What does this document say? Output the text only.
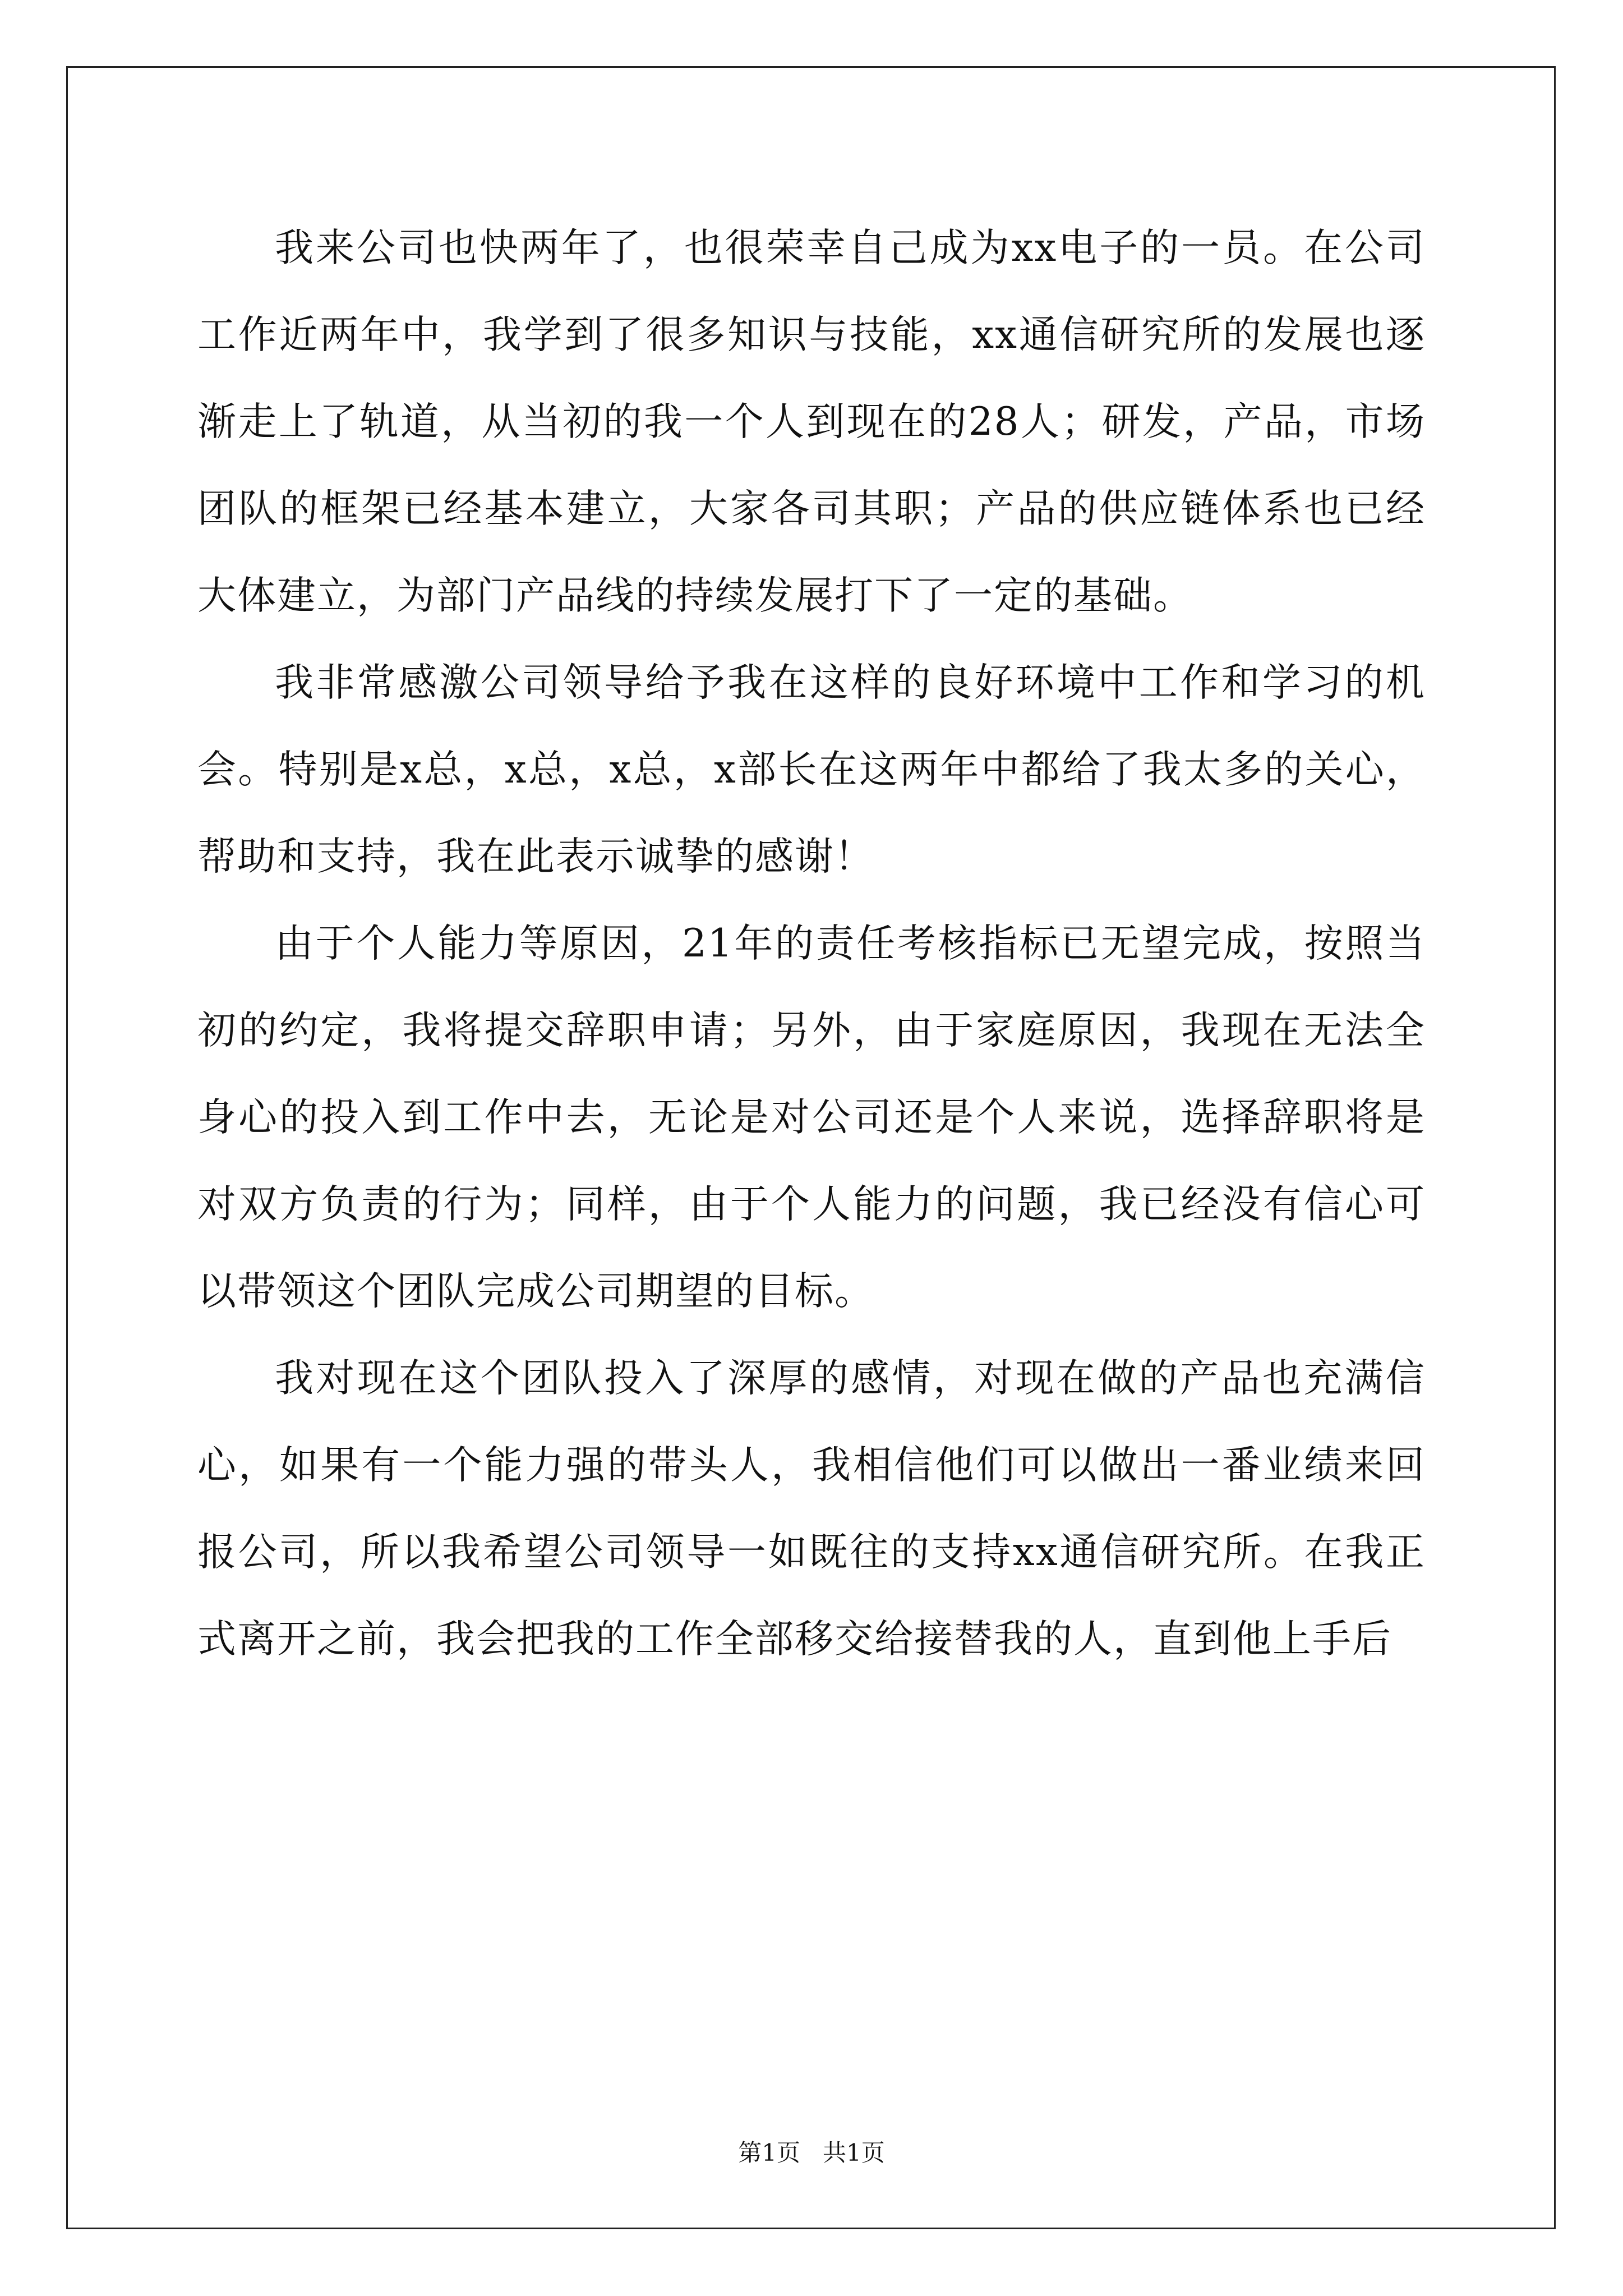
我来公司也快两年了，也很荣幸自己成为xx电子的一员。在公司工作近两年中，我学到了很多知识与技能，xx通信研究所的发展也逐渐走上了轨道，从当初的我一个人到现在的28人；研发，产品，市场团队的框架已经基本建立，大家各司其职；产品的供应链体系也已经大体建立，为部门产品线的持续发展打下了一定的基础。

我非常感激公司领导给予我在这样的良好环境中工作和学习的机会。特别是x总，x总，x总，x部长在这两年中都给了我太多的关心，帮助和支持，我在此表示诚挚的感谢！

由于个人能力等原因，21年的责任考核指标已无望完成，按照当初的约定，我将提交辞职申请；另外，由于家庭原因，我现在无法全身心的投入到工作中去，无论是对公司还是个人来说，选择辞职将是对双方负责的行为；同样，由于个人能力的问题，我已经没有信心可以带领这个团队完成公司期望的目标。

我对现在这个团队投入了深厚的感情，对现在做的产品也充满信心，如果有一个能力强的带头人，我相信他们可以做出一番业绩来回报公司，所以我希望公司领导一如既往的支持xx通信研究所。在我正式离开之前，我会把我的工作全部移交给接替我的人，直到他上手后

第1页 共1页
